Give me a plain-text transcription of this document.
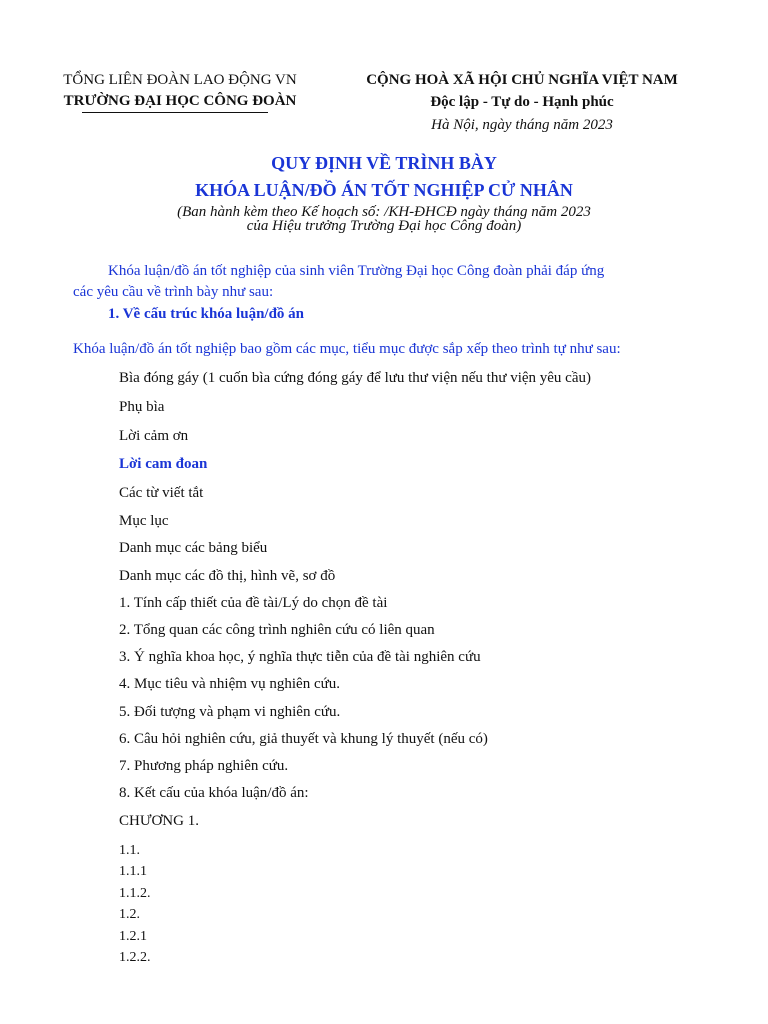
TỔNG LIÊN ĐOÀN LAO ĐỘNG VN
TRƯỜNG ĐẠI HỌC CÔNG ĐOÀN
CỘNG HOÀ XÃ HỘI CHỦ NGHĨA VIỆT NAM
Độc lập - Tự do - Hạnh phúc
Hà Nội, ngày tháng năm 2023
QUY ĐỊNH VỀ TRÌNH BÀY
KHÓA LUẬN/ĐỒ ÁN TỐT NGHIỆP CỬ NHÂN
(Ban hành kèm theo Kế hoạch số: /KH-ĐHCĐ ngày tháng năm 2023
của Hiệu trưởng Trường Đại học Công đoàn)
Khóa luận/đồ án tốt nghiệp của sinh viên Trường Đại học Công đoàn phải đáp ứng
các yêu cầu về trình bày như sau:
1. Về cấu trúc khóa luận/đồ án
Khóa luận/đồ án tốt nghiệp bao gồm các mục, tiểu mục được sắp xếp theo trình tự như sau:
Bìa đóng gáy (1 cuốn bìa cứng đóng gáy để lưu thư viện nếu thư viện yêu cầu)
Phụ bìa
Lời cảm ơn
Lời cam đoan
Các từ viết tắt
Mục lục
Danh mục các bảng biểu
Danh mục các đồ thị, hình vẽ, sơ đồ
1. Tính cấp thiết của đề tài/Lý do chọn đề tài
2. Tổng quan các công trình nghiên cứu có liên quan
3. Ý nghĩa khoa học, ý nghĩa thực tiễn của đề tài nghiên cứu
4. Mục tiêu và nhiệm vụ nghiên cứu.
5. Đối tượng và phạm vi nghiên cứu.
6. Câu hỏi nghiên cứu, giả thuyết và khung lý thuyết (nếu có)
7. Phương pháp nghiên cứu.
8. Kết cấu của khóa luận/đồ án:
CHƯƠNG 1.
1.1.
1.1.1
1.1.2.
1.2.
1.2.1
1.2.2.
